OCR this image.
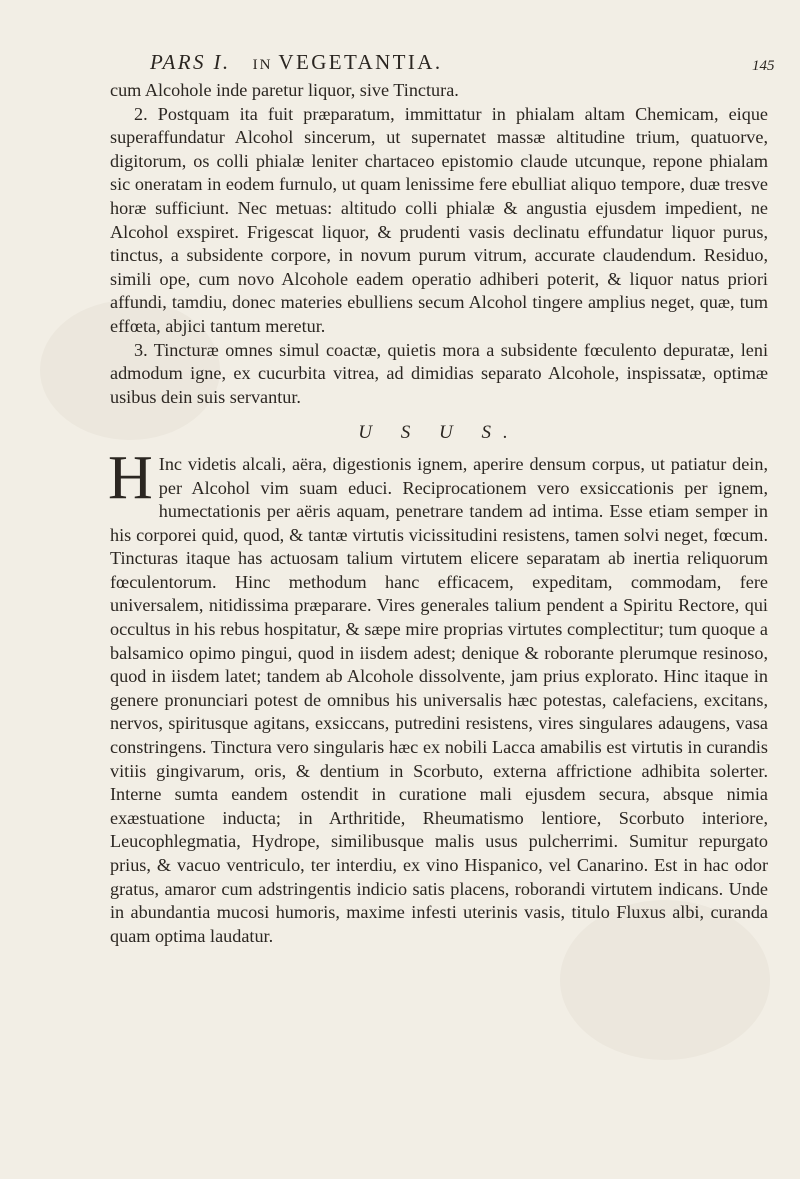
PARS I. IN VEGETANTIA.	145

cum Alcohole inde paretur liquor, sive Tinctura.

2. Postquam ita fuit præparatum, immittatur in phialam altam Chemicam, eique superaffundatur Alcohol sincerum, ut supernatet massæ altitudine trium, quatuorve, digitorum, os colli phialæ leniter chartaceo epistomio claude utcunque, repone phialam sic oneratam in eodem furnulo, ut quam lenissime fere ebulliat aliquo tempore, duæ tresve horæ sufficiunt. Nec metuas: altitudo colli phialæ & angustia ejusdem impedient, ne Alcohol exspiret. Frigescat liquor, & prudenti vasis declinatu effundatur liquor purus, tinctus, a subsidente corpore, in novum purum vitrum, accurate claudendum. Residuo, simili ope, cum novo Alcohole eadem operatio adhiberi poterit, & liquor natus priori affundi, tamdiu, donec materies ebulliens secum Alcohol tingere amplius neget, quæ, tum effœta, abjici tantum meretur.

3. Tincturæ omnes simul coactæ, quietis mora a subsidente fœculento depuratæ, leni admodum igne, ex cucurbita vitrea, ad dimidias separato Alcohole, inspissatæ, optimæ usibus dein suis servantur.

U S U S.

H Inc videtis alcali, aëra, digestionis ignem, aperire densum corpus, ut patiatur dein, per Alcohol vim suam educi. Reciprocationem vero exsiccationis per ignem, humectationis per aëris aquam, penetrare tandem ad intima. Esse etiam semper in his corporei quid, quod, & tantæ virtutis vicissitudini resistens, tamen solvi neget, fœcum. Tincturas itaque has actuosam talium virtutem elicere separatam ab inertia reliquorum fœculentorum. Hinc methodum hanc efficacem, expeditam, commodam, fere universalem, nitidissima præparare. Vires generales talium pendent a Spiritu Rectore, qui occultus in his rebus hospitatur, & sæpe mire proprias virtutes complectitur; tum quoque a balsamico opimo pingui, quod in iisdem adest; denique & roborante plerumque resinoso, quod in iisdem latet; tandem ab Alcohole dissolvente, jam prius explorato. Hinc itaque in genere pronunciari potest de omnibus his universalis hæc potestas, calefaciens, excitans, nervos, spiritusque agitans, exsiccans, putredini resistens, vires singulares adaugens, vasa constringens. Tinctura vero singularis hæc ex nobili Lacca amabilis est virtutis in curandis vitiis gingivarum, oris, & dentium in Scorbuto, externa affrictione adhibita solerter. Interne sumta eandem ostendit in curatione mali ejusdem secura, absque nimia exæstuatione inducta; in Arthritide, Rheumatismo lentiore, Scorbuto interiore, Leucophlegmatia, Hydrope, similibusque malis usus pulcherrimi. Sumitur repurgato prius, & vacuo ventriculo, ter interdiu, ex vino Hispanico, vel Canarino. Est in hac odor gratus, amaror cum adstringentis indicio satis placens, roborandi virtutem indicans. Unde in abundantia mucosi humoris, maxime infesti uterinis vasis, titulo Fluxus albi, curanda quam optima laudatur.
